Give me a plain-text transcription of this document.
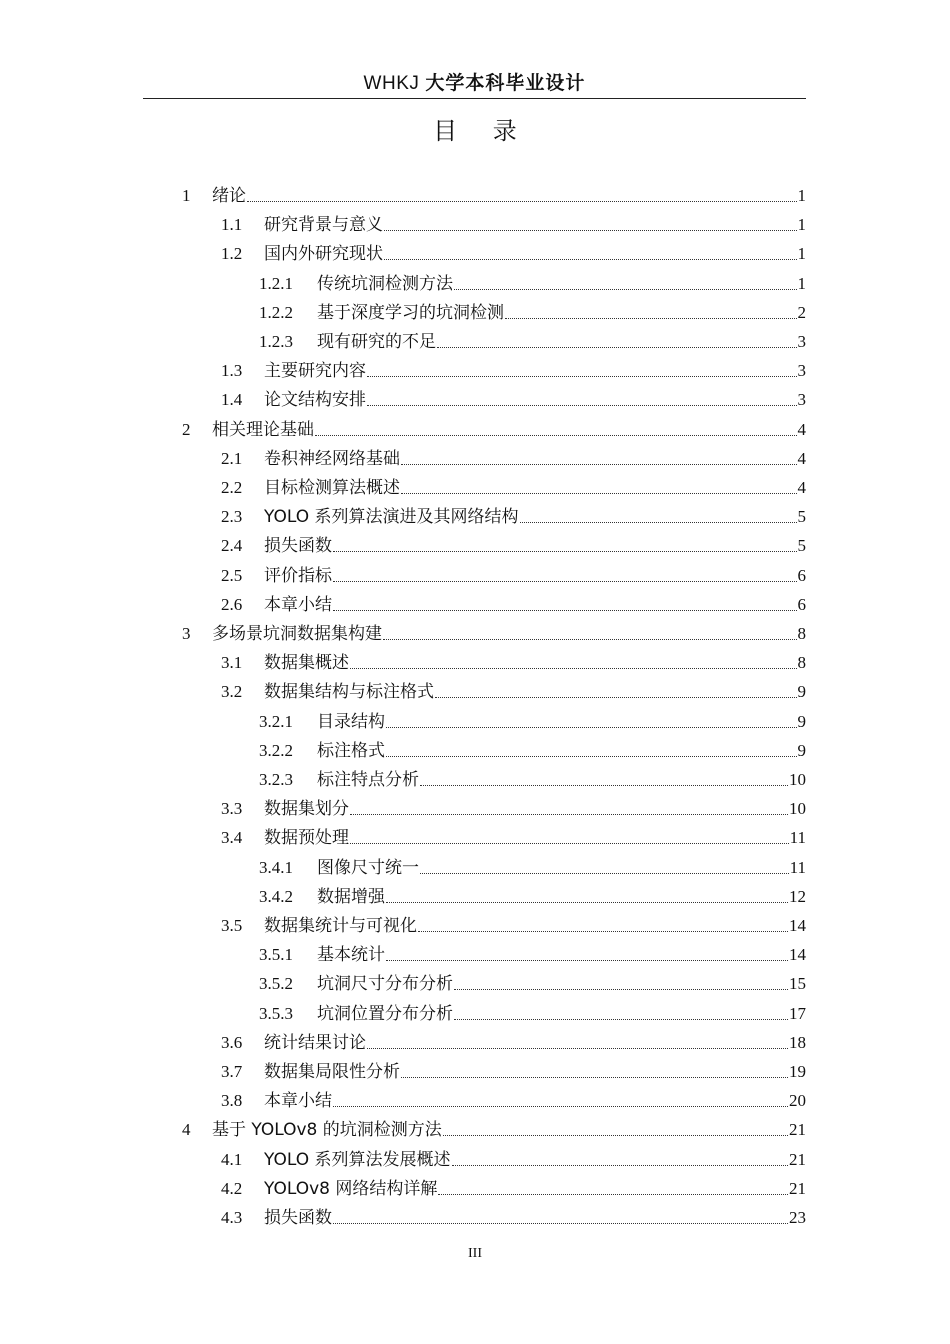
WHKJ 大学本科毕业设计
目 录
1	绪论	1
1.1	研究背景与意义	1
1.2	国内外研究现状	1
1.2.1	传统坑洞检测方法	1
1.2.2	基于深度学习的坑洞检测	2
1.2.3	现有研究的不足	3
1.3	主要研究内容	3
1.4	论文结构安排	3
2	相关理论基础	4
2.1	卷积神经网络基础	4
2.2	目标检测算法概述	4
2.3	YOLO 系列算法演进及其网络结构	5
2.4	损失函数	5
2.5	评价指标	6
2.6	本章小结	6
3	多场景坑洞数据集构建	8
3.1	数据集概述	8
3.2	数据集结构与标注格式	9
3.2.1	目录结构	9
3.2.2	标注格式	9
3.2.3	标注特点分析	10
3.3	数据集划分	10
3.4	数据预处理	11
3.4.1	图像尺寸统一	11
3.4.2	数据增强	12
3.5	数据集统计与可视化	14
3.5.1	基本统计	14
3.5.2	坑洞尺寸分布分析	15
3.5.3	坑洞位置分布分析	17
3.6	统计结果讨论	18
3.7	数据集局限性分析	19
3.8	本章小结	20
4	基于 YOLOv8 的坑洞检测方法	21
4.1	YOLO 系列算法发展概述	21
4.2	YOLOv8 网络结构详解	21
4.3	损失函数	23
III
